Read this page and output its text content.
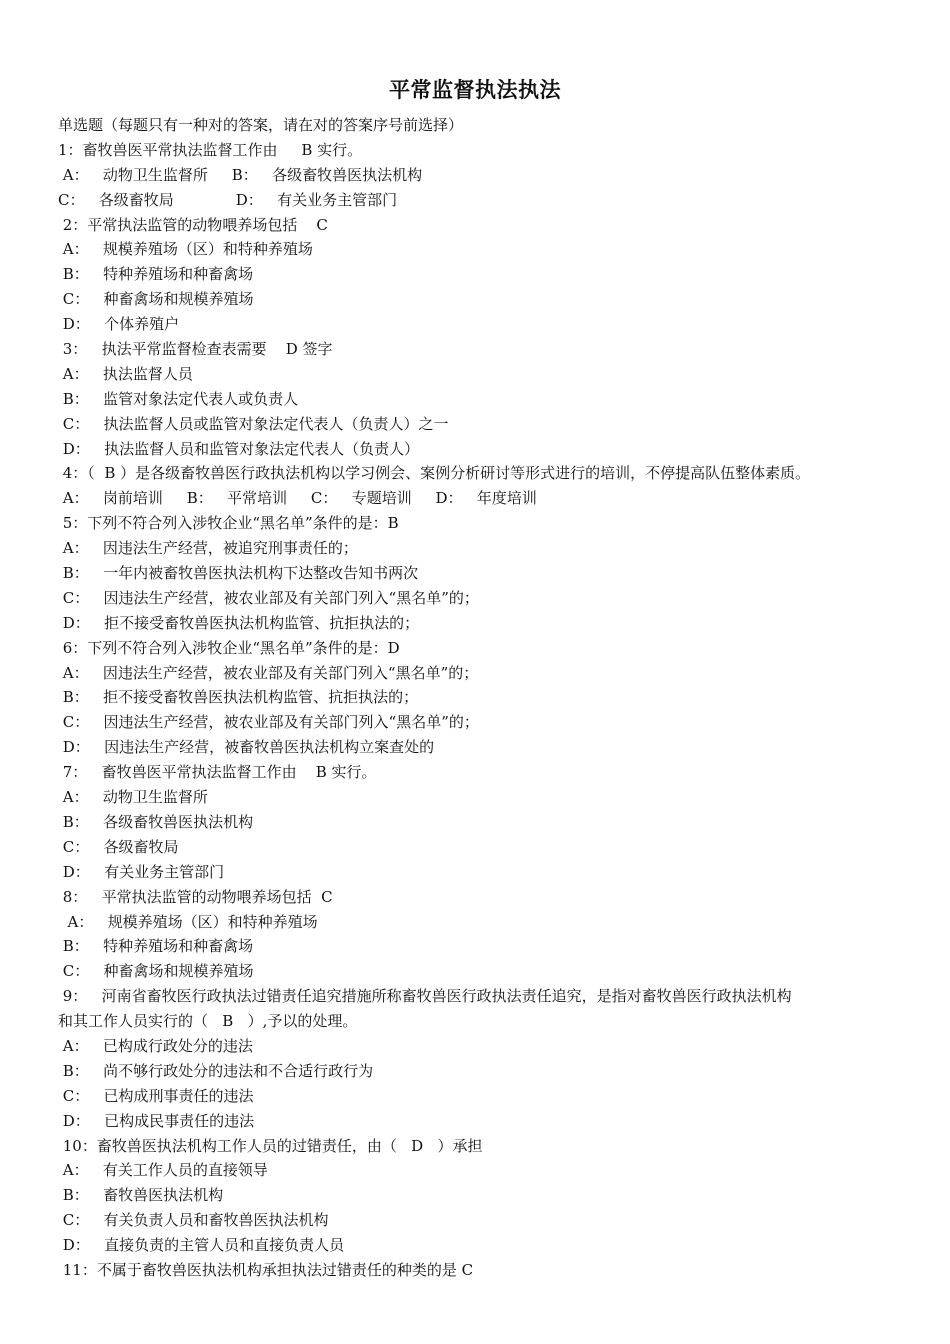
平常监督执法执法
单选题（每题只有一种对的答案，请在对的答案序号前选择）
1：畜牧兽医平常执法监督工作由     B 实行。
A：   动物卫生监督所     B：   各级畜牧兽医执法机构
C：   各级畜牧局             D：   有关业务主管部门
2：平常执法监管的动物喂养场包括    C
A：   规模养殖场（区）和特种养殖场
B：   特种养殖场和种畜禽场
C：   种畜禽场和规模养殖场
D：   个体养殖户
3：   执法平常监督检查表需要    D 签字
A：   执法监督人员
B：   监管对象法定代表人或负责人
C：   执法监督人员或监管对象法定代表人（负责人）之一
D：   执法监督人员和监管对象法定代表人（负责人）
4：（  B ）是各级畜牧兽医行政执法机构以学习例会、案例分析研讨等形式进行的培训，不停提高队伍整体素质。
A：   岗前培训     B：   平常培训     C：   专题培训     D：   年度培训
5：下列不符合列入涉牧企业“黑名单”条件的是：B
A：   因违法生产经营，被追究刑事责任的；
B：   一年内被畜牧兽医执法机构下达整改告知书两次
C：   因违法生产经营，被农业部及有关部门列入“黑名单”的；
D：   拒不接受畜牧兽医执法机构监管、抗拒执法的；
6：下列不符合列入涉牧企业“黑名单”条件的是：D
A：   因违法生产经营，被农业部及有关部门列入“黑名单”的；
B：   拒不接受畜牧兽医执法机构监管、抗拒执法的；
C：   因违法生产经营，被农业部及有关部门列入“黑名单”的；
D：   因违法生产经营，被畜牧兽医执法机构立案查处的
7：   畜牧兽医平常执法监督工作由    B 实行。
A：   动物卫生监督所
B：   各级畜牧兽医执法机构
C：   各级畜牧局
D：   有关业务主管部门
8：   平常执法监管的动物喂养场包括  C
A：   规模养殖场（区）和特种养殖场
B：   特种养殖场和种畜禽场
C：   种畜禽场和规模养殖场
9：   河南省畜牧医行政执法过错责任追究措施所称畜牧兽医行政执法责任追究，是指对畜牧兽医行政执法机构
和其工作人员实行的（   B   ）,予以的处理。
A：   已构成行政处分的违法
B：   尚不够行政处分的违法和不合适行政行为
C：   已构成刑事责任的违法
D：   已构成民事责任的违法
10：畜牧兽医执法机构工作人员的过错责任，由（   D   ）承担
A：   有关工作人员的直接领导
B：   畜牧兽医执法机构
C：   有关负责人员和畜牧兽医执法机构
D：   直接负责的主管人员和直接负责人员
11：不属于畜牧兽医执法机构承担执法过错责任的种类的是 C
